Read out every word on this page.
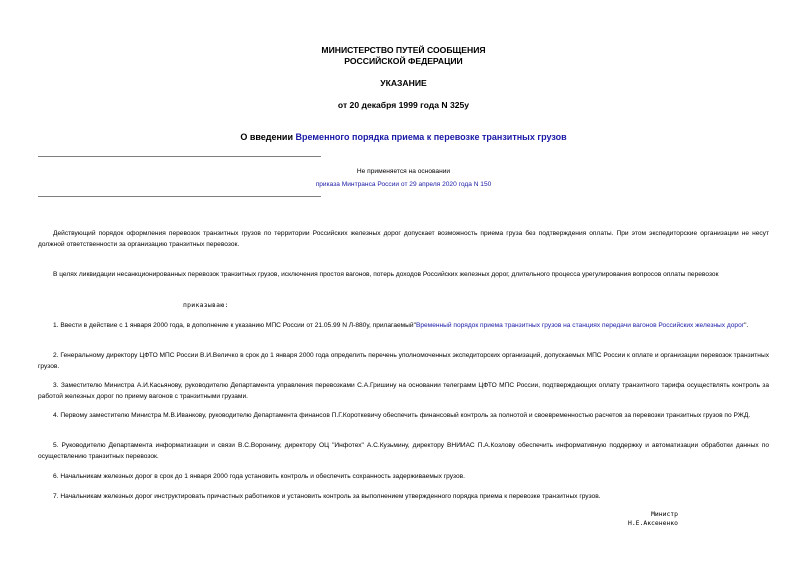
МИНИСТЕРСТВО ПУТЕЙ СООБЩЕНИЯ
РОССИЙСКОЙ ФЕДЕРАЦИИ
УКАЗАНИЕ
от 20 декабря 1999 года N 325у
О введении Временного порядка приема к перевозке транзитных грузов
Не применяется на основании
приказа Минтранса России от 29 апреля 2020 года N 150
Действующий порядок оформления перевозок транзитных грузов по территории Российских железных дорог допускает возможность приема груза без подтверждения оплаты. При этом экспедиторские организации не несут должной ответственности за организацию транзитных перевозок.
В целях ликвидации несанкционированных перевозок транзитных грузов, исключения простоя вагонов, потерь доходов Российских железных дорог, длительного процесса урегулирования вопросов оплаты перевозок
приказываю:
1. Ввести в действие с 1 января 2000 года, в дополнение к указанию МПС России от 21.05.99 N Л-880у, прилагаемый"Временный порядок приема транзитных грузов на станциях передачи вагонов Российских железных дорог".
2. Генеральному директору ЦФТО МПС России В.И.Величко в срок до 1 января 2000 года определить перечень уполномоченных экспедиторских организаций, допускаемых МПС России к оплате и организации перевозок транзитных грузов.
3. Заместителю Министра А.И.Касьянову, руководителю Департамента управления перевозками С.А.Гришину на основании телеграмм ЦФТО МПС России, подтверждающих оплату транзитного тарифа осуществлять контроль за работой железных дорог по приему вагонов с транзитными грузами.
4. Первому заместителю Министра М.В.Иванкову, руководителю Департамента финансов П.Г.Короткевичу обеспечить финансовый контроль за полнотой и своевременностью расчетов за перевозки транзитных грузов по РЖД.
5. Руководителю Департамента информатизации и связи В.С.Воронину, директору ОЦ "Инфотех" А.С.Кузьмину, директору ВНИИАС П.А.Козлову обеспечить информативную поддержку и автоматизации обработки данных по осуществлению транзитных перевозок.
6. Начальникам железных дорог в срок до 1 января 2000 года установить контроль и обеспечить сохранность задерживаемых грузов.
7. Начальникам железных дорог инструктировать причастных работников и установить контроль за выполнением утвержденного порядка приема к перевозке транзитных грузов.
Министр
Н.Е.Аксененко
